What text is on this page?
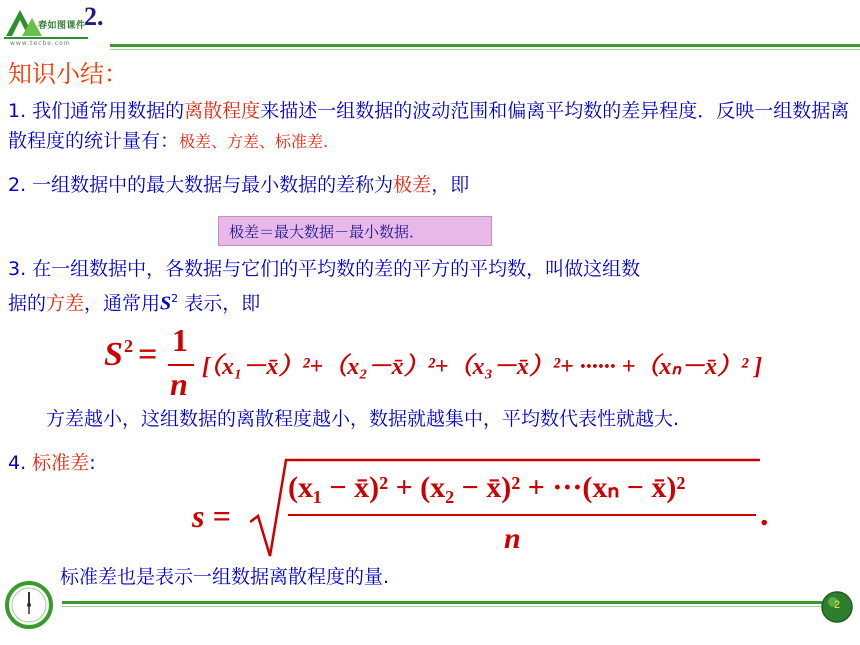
春如图课件
www.tecbe.com
2.
知识小结：
1. 我们通常用数据的离散程度来描述一组数据的波动范围和偏离平均数的差异程度．反映一组数据离散程度的统计量有：极差、方差、标准差.
2. 一组数据中的最大数据与最小数据的差称为极差，即
极差＝最大数据－最小数据．
3. 在一组数据中，各数据与它们的平均数的差的平方的平均数，叫做这组数
据的方差，通常用$S^2$ 表示，即
S 2 = 1
n [（x₁－x̄）²+（x₂－x̄）²+（x₃－x̄）²+ ······ +（xₙ－x̄）² ]
方差越小，这组数据的离散程度越小，数据就越集中，平均数代表性就越大.
4. 标准差:
s =
(x₁ − x̄)² + (x₂ − x̄)² + ···(xₙ − x̄)²
n
.
标准差也是表示一组数据离散程度的量.
2
